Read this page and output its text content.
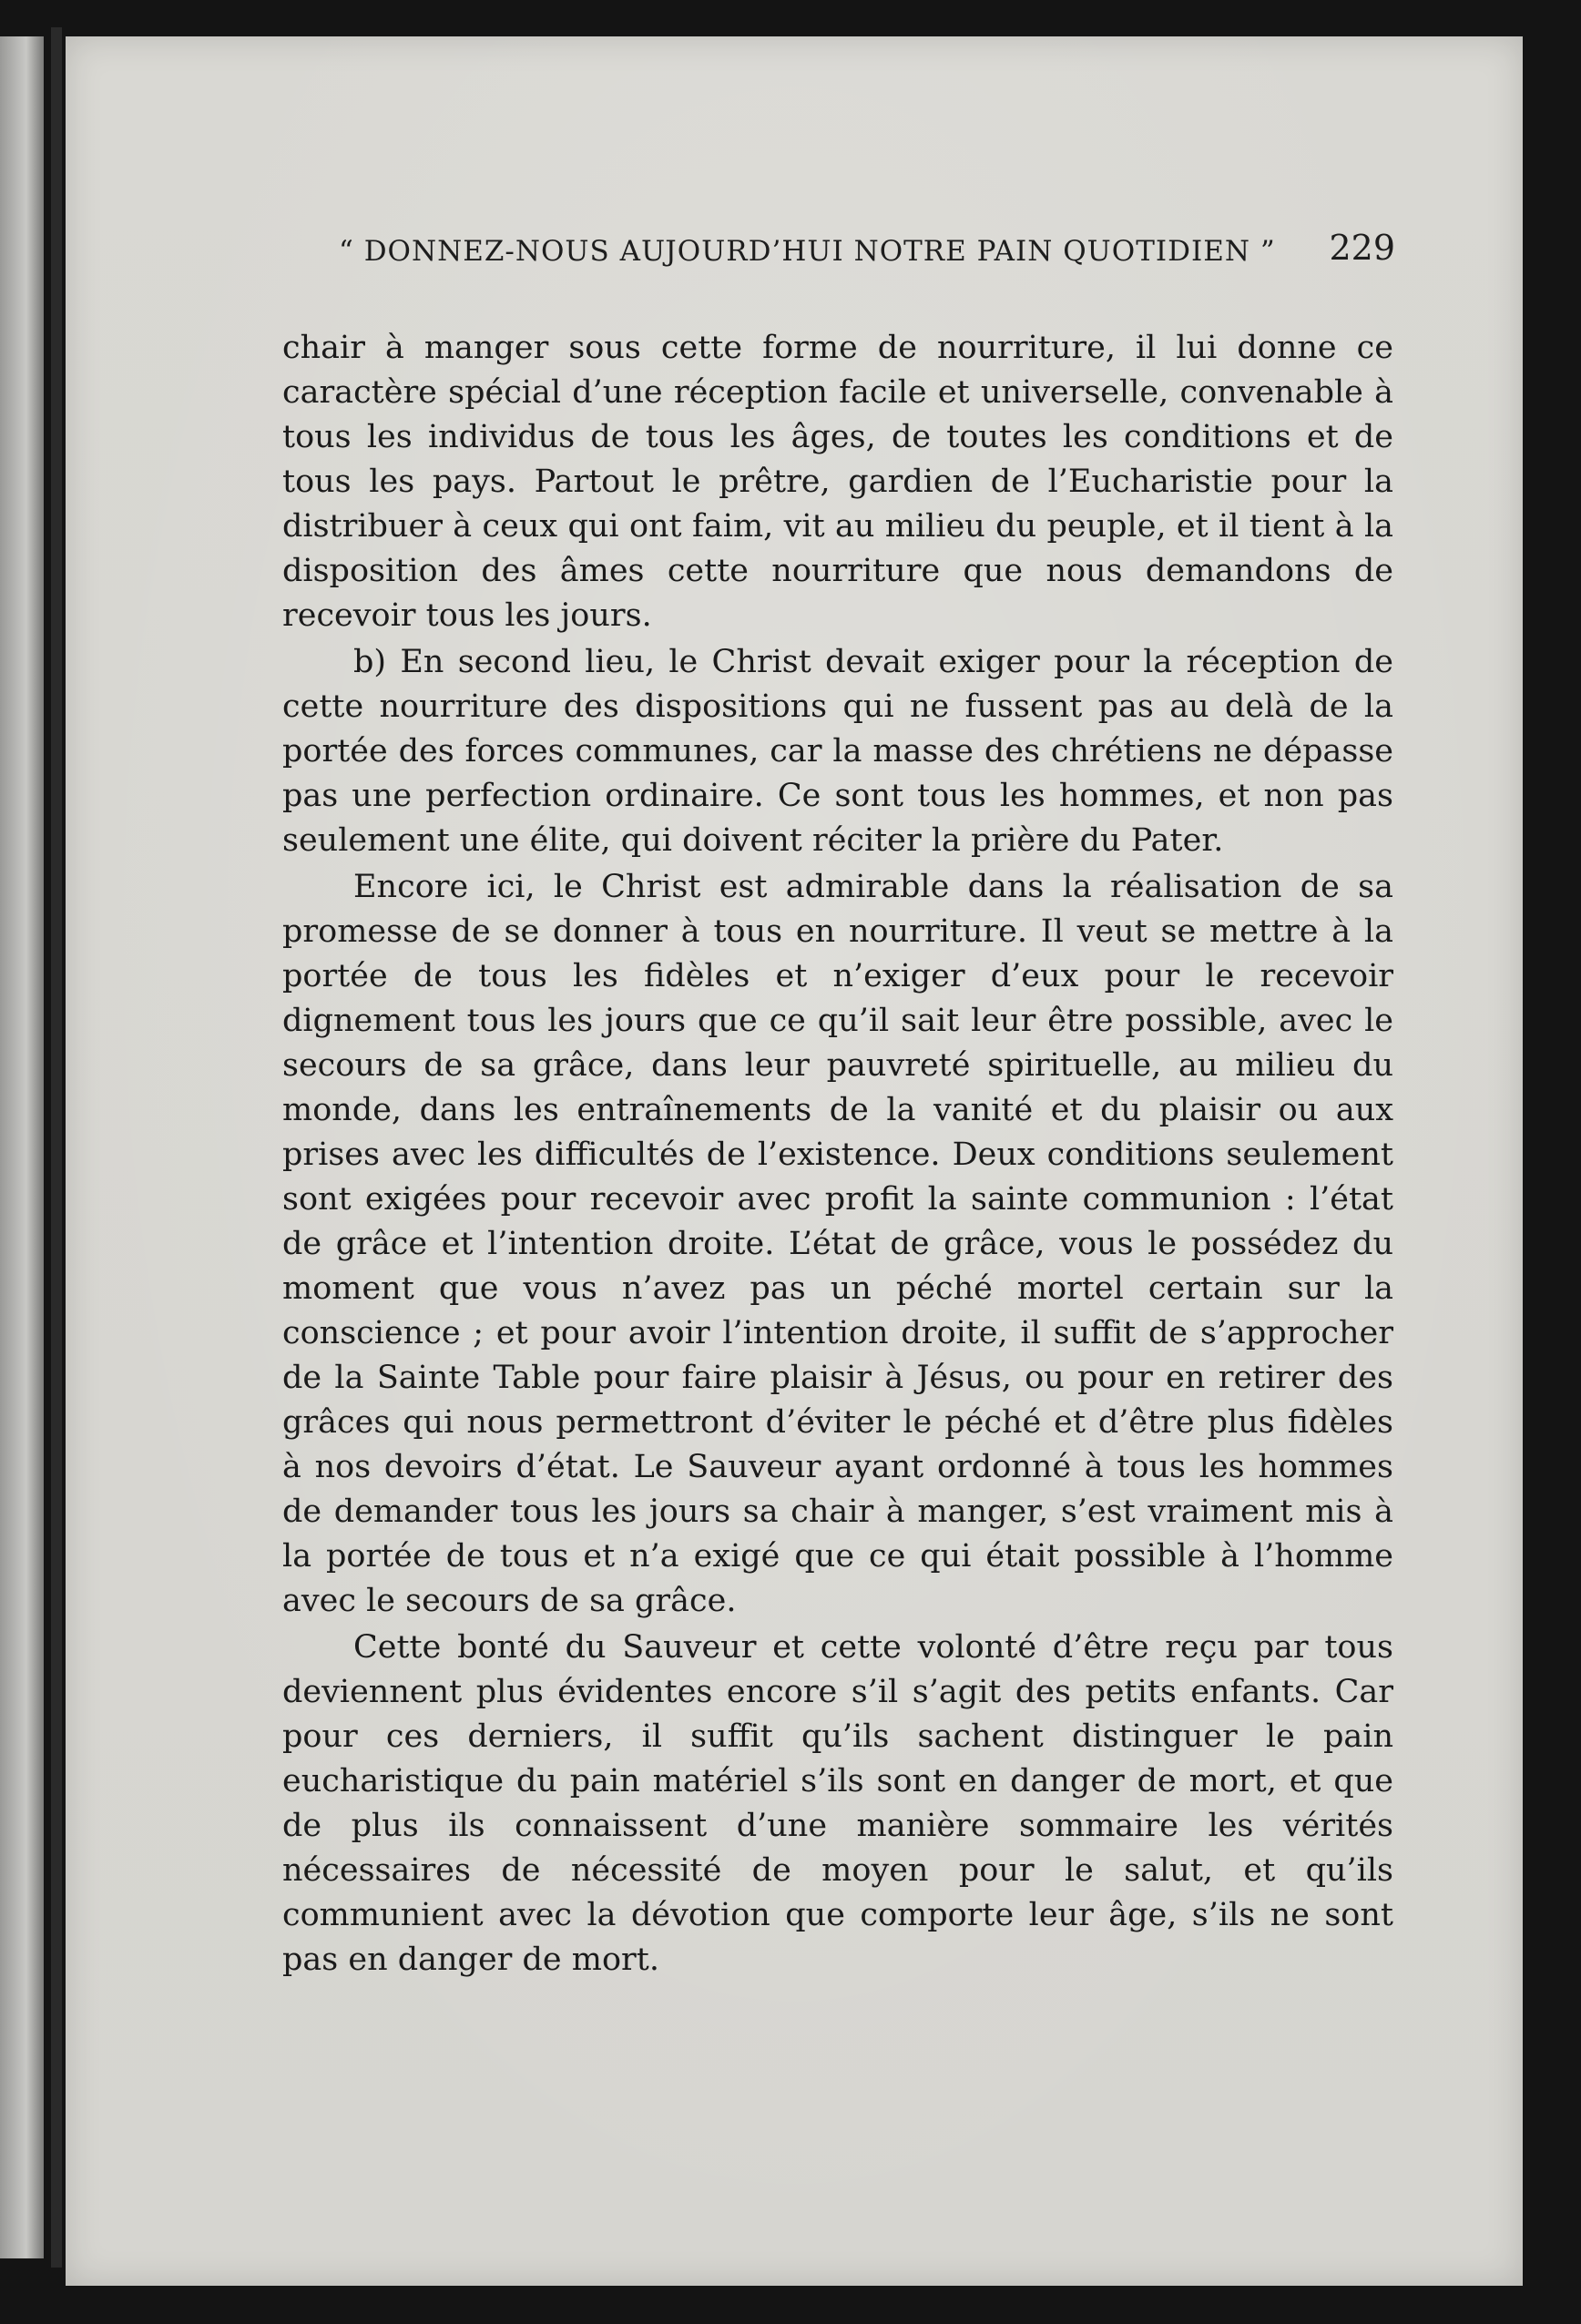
“ DONNEZ-NOUS AUJOURD’HUI NOTRE PAIN QUOTIDIEN ” 229

chair à manger sous cette forme de nourriture, il lui donne ce caractère spécial d’une réception facile et universelle, convenable à tous les individus de tous les âges, de toutes les conditions et de tous les pays. Partout le prêtre, gardien de l’Eucharistie pour la distribuer à ceux qui ont faim, vit au milieu du peuple, et il tient à la disposition des âmes cette nourriture que nous demandons de recevoir tous les jours.

b) En second lieu, le Christ devait exiger pour la réception de cette nourriture des dispositions qui ne fussent pas au delà de la portée des forces communes, car la masse des chrétiens ne dépasse pas une perfection ordinaire. Ce sont tous les hommes, et non pas seulement une élite, qui doivent réciter la prière du Pater.

Encore ici, le Christ est admirable dans la réalisation de sa promesse de se donner à tous en nourriture. Il veut se mettre à la portée de tous les fidèles et n’exiger d’eux pour le recevoir dignement tous les jours que ce qu’il sait leur être possible, avec le secours de sa grâce, dans leur pauvreté spirituelle, au milieu du monde, dans les entraînements de la vanité et du plaisir ou aux prises avec les difficultés de l’existence. Deux conditions seulement sont exigées pour recevoir avec profit la sainte communion : l’état de grâce et l’intention droite. L’état de grâce, vous le possédez du moment que vous n’avez pas un péché mortel certain sur la conscience ; et pour avoir l’intention droite, il suffit de s’approcher de la Sainte Table pour faire plaisir à Jésus, ou pour en retirer des grâces qui nous permettront d’éviter le péché et d’être plus fidèles à nos devoirs d’état. Le Sauveur ayant ordonné à tous les hommes de demander tous les jours sa chair à manger, s’est vraiment mis à la portée de tous et n’a exigé que ce qui était possible à l’homme avec le secours de sa grâce.

Cette bonté du Sauveur et cette volonté d’être reçu par tous deviennent plus évidentes encore s’il s’agit des petits enfants. Car pour ces derniers, il suffit qu’ils sachent distinguer le pain eucharistique du pain matériel s’ils sont en danger de mort, et que de plus ils connaissent d’une manière sommaire les vérités nécessaires de nécessité de moyen pour le salut, et qu’ils communient avec la dévotion que comporte leur âge, s’ils ne sont pas en danger de mort.
